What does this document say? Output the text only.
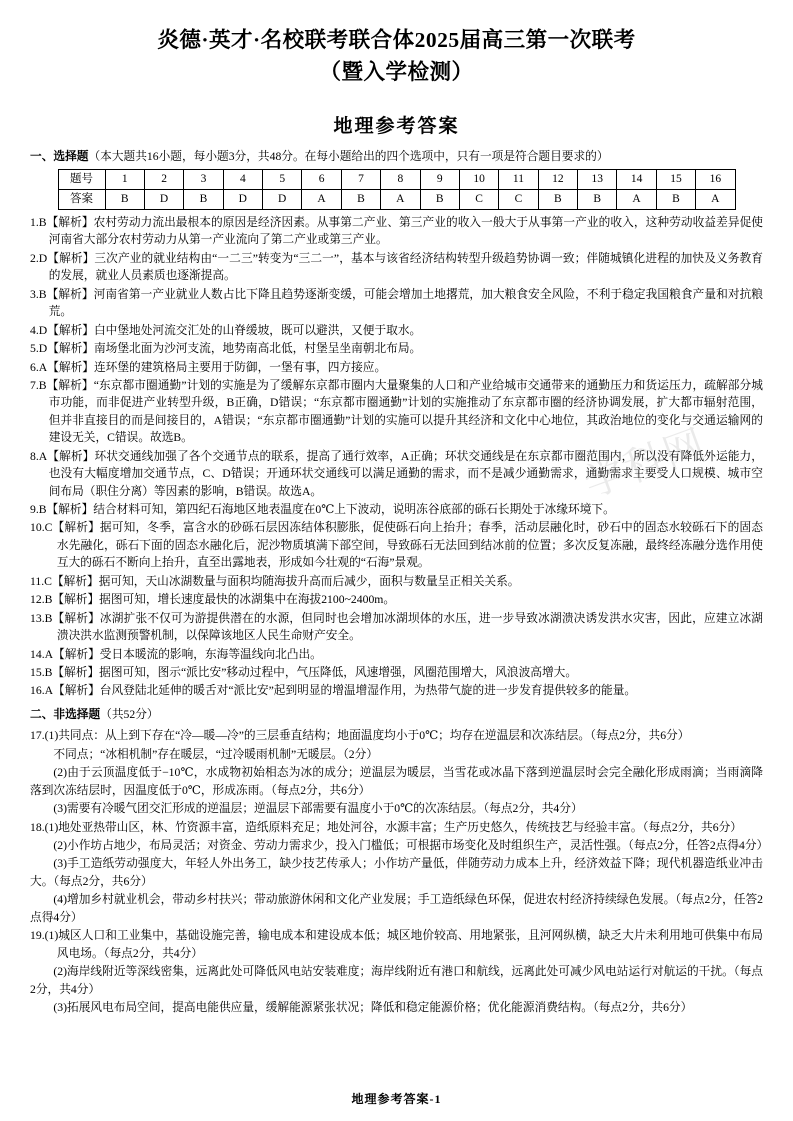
炎德·英才·名校联考联合体2025届高三第一次联考
（暨入学检测）
地理参考答案
一、选择题（本大题共16小题，每小题3分，共48分。在每小题给出的四个选项中，只有一项是符合题目要求的）
题号	1	2	3	4	5	6	7	8	9	10	11	12	13	14	15	16
答案	B	D	B	D	D	A	B	A	B	C	C	B	B	A	B	A

1.B【解析】农村劳动力流出最根本的原因是经济因素。从事第二产业、第三产业的收入一般大于从事第一产业的收入，这种劳动收益差异促使河南省大部分农村劳动力从第一产业流向了第二产业或第三产业。

2.D【解析】三次产业的就业结构由“一二三”转变为“三二一”，基本与该省经济结构转型升级趋势协调一致；伴随城镇化进程的加快及义务教育的发展，就业人员素质也逐渐提高。

3.B【解析】河南省第一产业就业人数占比下降且趋势逐渐变缓，可能会增加土地撂荒，加大粮食安全风险，不利于稳定我国粮食产量和对抗粮荒。

4.D【解析】白中堡地处河流交汇处的山脊缓坡，既可以避洪，又便于取水。

5.D【解析】南场堡北面为沙河支流，地势南高北低，村堡呈坐南朝北布局。

6.A【解析】连环堡的建筑格局主要用于防御，一堡有事，四方接应。

7.B【解析】“东京都市圈通勤”计划的实施是为了缓解东京都市圈内大量聚集的人口和产业给城市交通带来的通勤压力和货运压力，疏解部分城市功能，而非促进产业转型升级，B正确，D错误；“东京都市圈通勤”计划的实施推动了东京都市圈的经济协调发展，扩大都市辐射范围，但并非直接目的而是间接目的，A错误；“东京都市圈通勤”计划的实施可以提升其经济和文化中心地位，其政治地位的变化与交通运输网的建设无关，C错误。故选B。

8.A【解析】环状交通线加强了各个交通节点的联系，提高了通行效率，A正确；环状交通线是在东京都市圈范围内，所以没有降低外运能力，也没有大幅度增加交通节点，C、D错误；开通环状交通线可以满足通勤的需求，而不是减少通勤需求，通勤需求主要受人口规模、城市空间布局（职住分离）等因素的影响，B错误。故选A。

9.B【解析】结合材料可知，第四纪石海地区地表温度在0℃上下波动，说明冻谷底部的砾石长期处于冰缘环境下。

10.C【解析】据可知，冬季，富含水的砂砾石层因冻结体积膨胀，促使砾石向上抬升；春季，活动层融化时，砂石中的固态水较砾石下的固态水先融化，砾石下面的固态水融化后，泥沙物质填满下部空间，导致砾石无法回到结冰前的位置；多次反复冻融，最终经冻融分选作用使互大的砾石不断向上抬升，直至出露地表，形成如今壮观的“石海”景观。

11.C【解析】据可知，天山冰湖数量与面积均随海拔升高而后减少，面积与数量呈正相关关系。

12.B【解析】据图可知，增长速度最快的冰湖集中在海拔2100~2400m。

13.B【解析】冰湖扩张不仅可为游提供潜在的水源，但同时也会增加冰湖坝体的水压，进一步导致冰湖溃决诱发洪水灾害，因此，应建立冰湖溃决洪水监测预警机制，以保障该地区人民生命财产安全。

14.A【解析】受日本暖流的影响，东海等温线向北凸出。

15.B【解析】据图可知，图示“派比安”移动过程中，气压降低，风速增强，风圈范围增大，风浪波高增大。

16.A【解析】台风登陆北延伸的暖舌对“派比安”起到明显的增温增湿作用，为热带气旋的进一步发育提供较多的能量。

二、非选择题（共52分）

17.(1)共同点：从上到下存在“冷—暖—冷”的三层垂直结构；地面温度均小于0℃；均存在逆温层和次冻结层。（每点2分，共6分）

不同点；“冰相机制”存在暖层，“过冷暖雨机制”无暖层。（2分）

(2)由于云顶温度低于−10℃，水成物初始相态为冰的成分；逆温层为暖层，当雪花或冰晶下落到逆温层时会完全融化形成雨滴；当雨滴降落到次冻结层时，因温度低于0℃，形成冻雨。（每点2分，共6分）

(3)需要有冷暖气团交汇形成的逆温层；逆温层下部需要有温度小于0℃的次冻结层。（每点2分，共4分）

18.(1)地处亚热带山区，林、竹资源丰富，造纸原料充足；地处河谷，水源丰富；生产历史悠久，传统技艺与经验丰富。（每点2分，共6分）

(2)小作坊占地少，布局灵活；对资金、劳动力需求少，投入门槛低；可根据市场变化及时组织生产，灵活性强。（每点2分，任答2点得4分）

(3)手工造纸劳动强度大，年轻人外出务工，缺少技艺传承人；小作坊产量低，伴随劳动力成本上升，经济效益下降；现代机器造纸业冲击大。（每点2分，共6分）

(4)增加乡村就业机会，带动乡村扶兴；带动旅游休闲和文化产业发展；手工造纸绿色环保，促进农村经济持续绿色发展。（每点2分，任答2点得4分）

19.(1)城区人口和工业集中，基础设施完善，输电成本和建设成本低；城区地价较高、用地紧张，且河网纵横，缺乏大片未利用地可供集中布局风电场。（每点2分，共4分）

(2)海岸线附近等深线密集，远离此处可降低风电站安装难度；海岸线附近有港口和航线，远离此处可减少风电站运行对航运的干扰。（每点2分，共4分）

(3)拓展风电布局空间，提高电能供应量，缓解能源紧张状况；降低和稳定能源价格；优化能源消费结构。（每点2分，共6分）

学科网
地理参考答案-1
